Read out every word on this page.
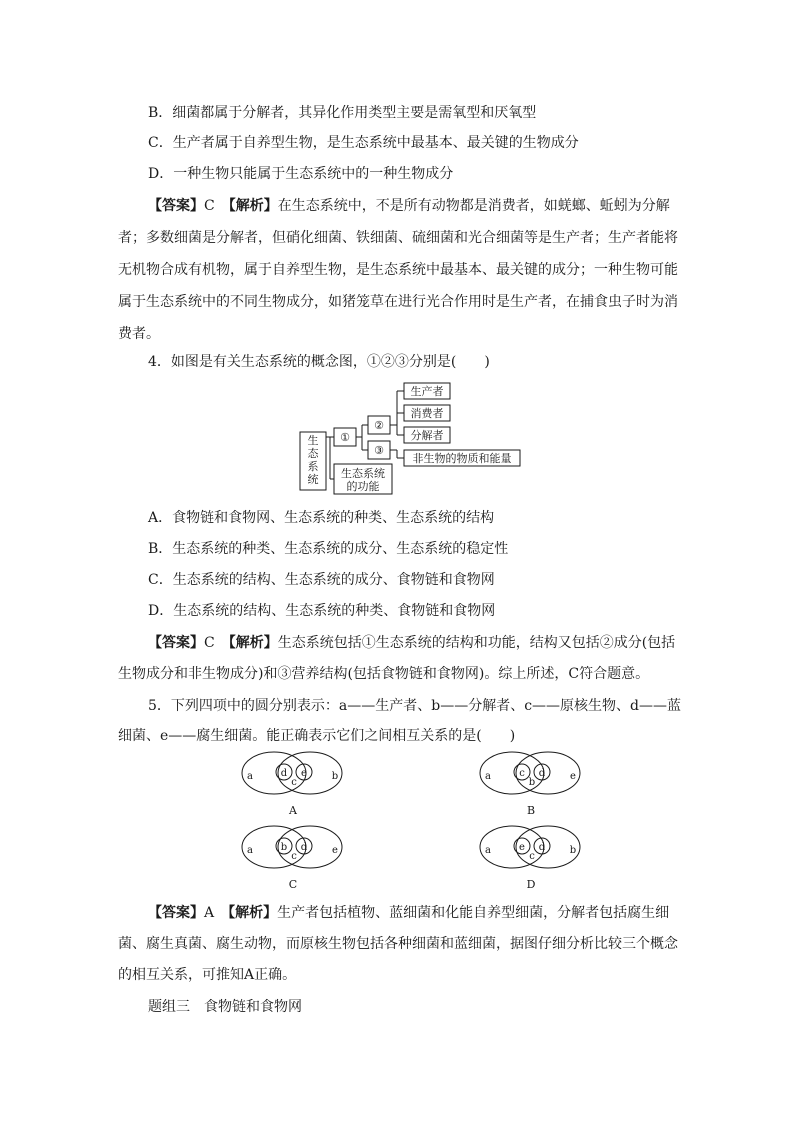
B．细菌都属于分解者，其异化作用类型主要是需氧型和厌氧型
C．生产者属于自养型生物，是生态系统中最基本、最关键的生物成分
D．一种生物只能属于生态系统中的一种生物成分
【答案】C　 【解析】在生态系统中，不是所有动物都是消费者，如蜣螂、蚯蚓为分解
者；多数细菌是分解者，但硝化细菌、铁细菌、硫细菌和光合细菌等是生产者；生产者能将
无机物合成有机物，属于自养型生物，是生态系统中最基本、最关键的成分；一种生物可能
属于生态系统中的不同生物成分，如猪笼草在进行光合作用时是生产者，在捕食虫子时为消
费者。
4．如图是有关生态系统的概念图，①②③分别是(　　)
生
态
系
统
①
②
③
生产者
消费者
分解者
非生物的物质和能量
生态系统
的功能
A．食物链和食物网、生态系统的种类、生态系统的结构
B．生态系统的种类、生态系统的成分、生态系统的稳定性
C．生态系统的结构、生态系统的成分、食物链和食物网
D．生态系统的结构、生态系统的种类、食物链和食物网
【答案】C　 【解析】生态系统包括①生态系统的结构和功能，结构又包括②成分(包括
生物成分和非生物成分)和③营养结构(包括食物链和食物网)。综上所述，C符合题意。
5．下列四项中的圆分别表示：a——生产者、b——分解者、c——原核生物、d——蓝
细菌、e——腐生细菌。能正确表示它们之间相互关系的是(　　)
a	d e
c
b
A
a	c d
b
e
B
a	b d
c
e
C
a	e d
c
b
D
【答案】A　 【解析】生产者包括植物、蓝细菌和化能自养型细菌，分解者包括腐生细
菌、腐生真菌、腐生动物，而原核生物包括各种细菌和蓝细菌，据图仔细分析比较三个概念
的相互关系，可推知A正确。
题组三　食物链和食物网
